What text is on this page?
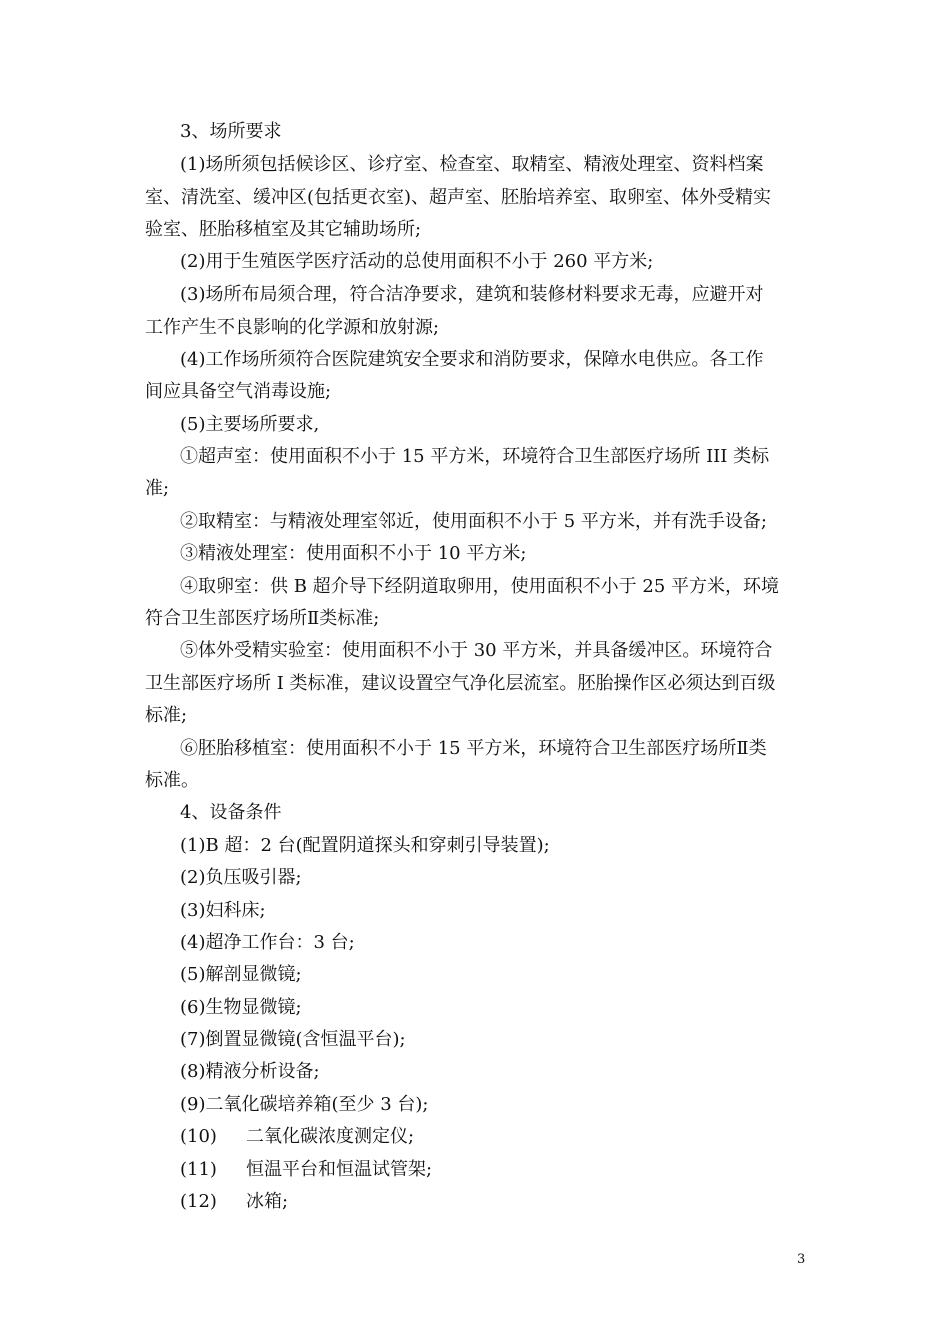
3、场所要求
(1)场所须包括候诊区、诊疗室、检查室、取精室、精液处理室、资料档案
室、清洗室、缓冲区(包括更衣室)、超声室、胚胎培养室、取卵室、体外受精实
验室、胚胎移植室及其它辅助场所;
(2)用于生殖医学医疗活动的总使用面积不小于 260 平方米;
(3)场所布局须合理，符合洁净要求，建筑和装修材料要求无毒，应避开对
工作产生不良影响的化学源和放射源;
(4)工作场所须符合医院建筑安全要求和消防要求，保障水电供应。各工作
间应具备空气消毒设施;
(5)主要场所要求,
①超声室：使用面积不小于 15 平方米，环境符合卫生部医疗场所 III 类标
准;
②取精室：与精液处理室邻近，使用面积不小于 5 平方米，并有洗手设备;
③精液处理室：使用面积不小于 10 平方米;
④取卵室：供 B 超介导下经阴道取卵用，使用面积不小于 25 平方米，环境
符合卫生部医疗场所Ⅱ类标准;
⑤体外受精实验室：使用面积不小于 30 平方米，并具备缓冲区。环境符合
卫生部医疗场所 I 类标准，建议设置空气净化层流室。胚胎操作区必须达到百级
标准;
⑥胚胎移植室：使用面积不小于 15 平方米，环境符合卫生部医疗场所Ⅱ类
标准。
4、设备条件
(1)B 超：2 台(配置阴道探头和穿刺引导装置);
(2)负压吸引器;
(3)妇科床;
(4)超净工作台：3 台;
(5)解剖显微镜;
(6)生物显微镜;
(7)倒置显微镜(含恒温平台);
(8)精液分析设备;
(9)二氧化碳培养箱(至少 3 台);
(10) 二氧化碳浓度测定仪;
(11) 恒温平台和恒温试管架;
(12) 冰箱;
3
